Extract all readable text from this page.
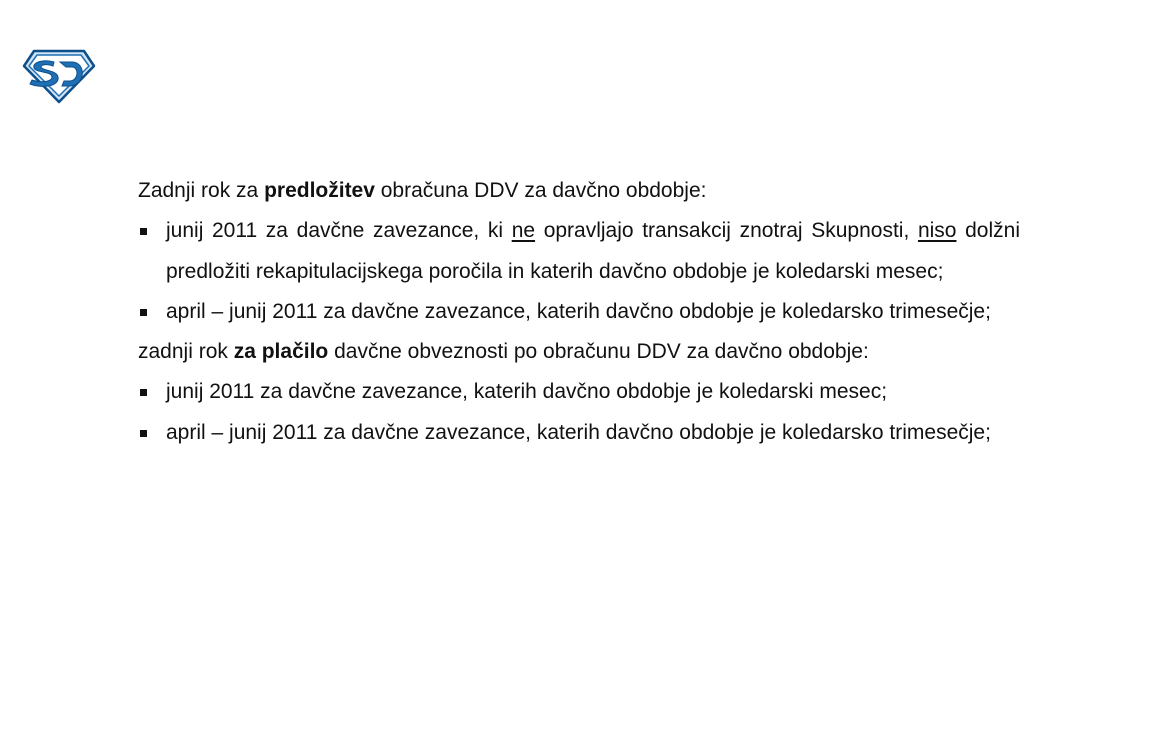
Zadnji rok za predložitev obračuna DDV za davčno obdobje:

junij 2011 za davčne zavezance, ki ne opravljajo transakcij znotraj Skupnosti, niso dolžni predložiti rekapitulacijskega poročila in katerih davčno obdobje je koledarski mesec;
april – junij 2011 za davčne zavezance, katerih davčno obdobje je koledarsko trimesečje;

zadnji rok za plačilo davčne obveznosti po obračunu DDV za davčno obdobje:

junij 2011 za davčne zavezance, katerih davčno obdobje je koledarski mesec;
april – junij 2011 za davčne zavezance, katerih davčno obdobje je koledarsko trimesečje;
